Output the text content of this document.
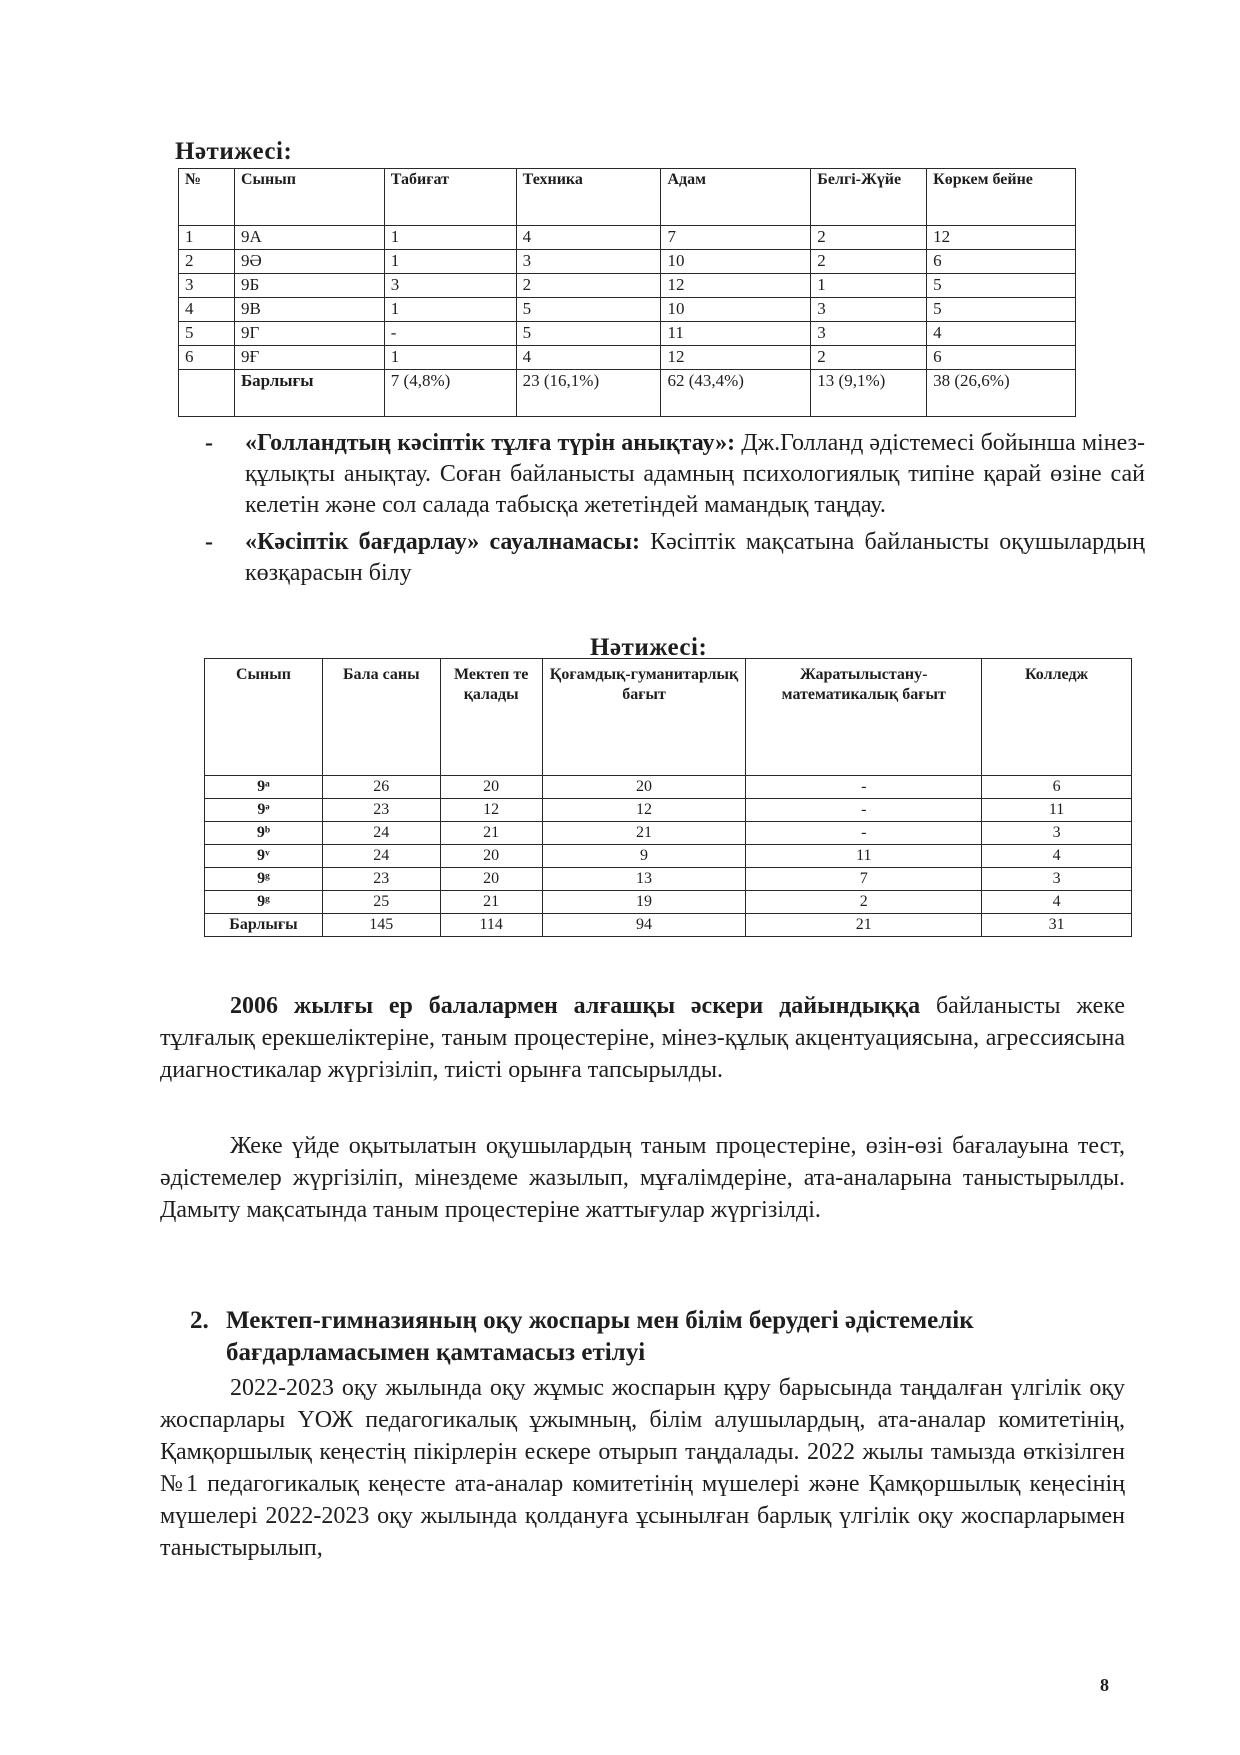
Нәтижесі:
№	Сынып	Табиғат	Техника	Адам	Белгі-Жүйе	Көркем бейне
1	9А	1	4	7	2	12
2	9Ә	1	3	10	2	6
3	9Б	3	2	12	1	5
4	9В	1	5	10	3	5
5	9Г	-	5	11	3	4
6	9Ғ	1	4	12	2	6
	Барлығы	7 (4,8%)	23 (16,1%)	62 (43,4%)	13 (9,1%)	38 (26,6%)
- «Голландтың кәсіптік тұлға түрін анықтау»: Дж.Голланд әдістемесі бойынша мінез-құлықты анықтау. Соған байланысты адамның психологиялық типіне қарай өзіне сай келетін және сол салада табысқа жететіндей мамандық таңдау.
- «Кәсіптік бағдарлау» сауалнамасы: Кәсіптік мақсатына байланысты оқушылардың көзқарасын білу
Нәтижесі:
Сынып	Бала саны	Мектеп те қалады	Қоғамдық-гуманитарлық бағыт	Жаратылыстану-математикалық бағыт	Колледж
9ᵃ	26	20	20	-	6
9ᵊ	23	12	12	-	11
9ᵇ	24	21	21	-	3
9ᵛ	24	20	9	11	4
9ᵍ	23	20	13	7	3
9ᵍ	25	21	19	2	4
Барлығы	145	114	94	21	31
2006 жылғы ер балалармен алғашқы әскери дайындыққа байланысты жеке тұлғалық ерекшеліктеріне, таным процестеріне, мінез-құлық акцентуациясына, агрессиясына диагностикалар жүргізіліп, тиісті орынға тапсырылды.
Жеке үйде оқытылатын оқушылардың таным процестеріне, өзін-өзі бағалауына тест, әдістемелер жүргізіліп, мінездеме жазылып, мұғалімдеріне, ата-аналарына таныстырылды. Дамыту мақсатында таным процестеріне жаттығулар жүргізілді.
2. Мектеп-гимназияның оқу жоспары мен білім берудегі әдістемелік бағдарламасымен қамтамасыз етілуі
2022-2023 оқу жылында оқу жұмыс жоспарын құру барысында таңдалған үлгілік оқу жоспарлары ҮОЖ педагогикалық ұжымның, білім алушылардың, ата-аналар комитетінің, Қамқоршылық кеңестің пікірлерін ескере отырып таңдалады. 2022 жылы тамызда өткізілген №1 педагогикалық кеңесте ата-аналар комитетінің мүшелері және Қамқоршылық кеңесінің мүшелері 2022-2023 оқу жылында қолдануға ұсынылған барлық үлгілік оқу жоспарларымен таныстырылып,
8
